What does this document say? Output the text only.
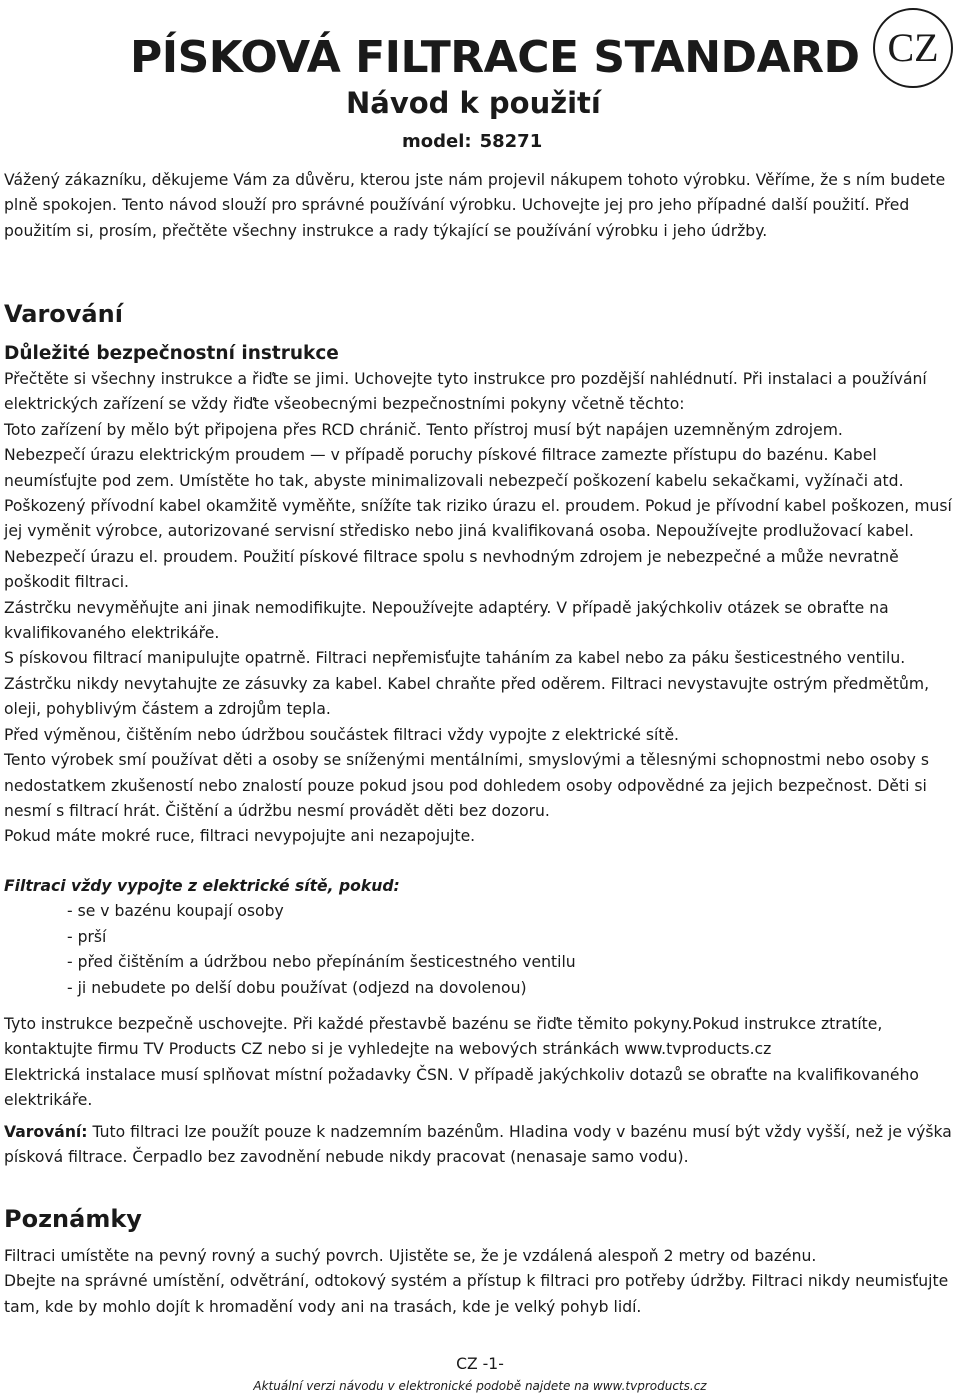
CZ
PÍSKOVÁ FILTRACE STANDARD
Návod k použití
model: 58271

Vážený zákazníku, děkujeme Vám za důvěru, kterou jste nám projevil nákupem tohoto výrobku. Věříme, že s ním budete plně spokojen. Tento návod slouží pro správné používání výrobku. Uchovejte jej pro jeho případné další použití. Před použitím si, prosím, přečtěte všechny instrukce a rady týkající se používání výrobku i jeho údržby.

Varování
Důležité bezpečnostní instrukce

Přečtěte si všechny instrukce a řiďte se jimi. Uchovejte tyto instrukce pro pozdější nahlédnutí. Při instalaci a používání elektrických zařízení se vždy řiďte všeobecnými bezpečnostními pokyny včetně těchto:

Toto zařízení by mělo být připojena přes RCD chránič. Tento přístroj musí být napájen uzemněným zdrojem.

Nebezpečí úrazu elektrickým proudem — v případě poruchy pískové filtrace zamezte přístupu do bazénu. Kabel neumísťujte pod zem. Umístěte ho tak, abyste minimalizovali nebezpečí poškození kabelu sekačkami, vyžínači atd. Poškozený přívodní kabel okamžitě vyměňte, snížíte tak riziko úrazu el. proudem. Pokud je přívodní kabel poškozen, musí jej vyměnit výrobce, autorizované servisní středisko nebo jiná kvalifikovaná osoba. Nepoužívejte prodlužovací kabel.

Nebezpečí úrazu el. proudem. Použití pískové filtrace spolu s nevhodným zdrojem je nebezpečné a může nevratně poškodit filtraci.

Zástrčku nevyměňujte ani jinak nemodifikujte. Nepoužívejte adaptéry. V případě jakýchkoliv otázek se obraťte na kvalifikovaného elektrikáře.

S pískovou filtrací manipulujte opatrně. Filtraci nepřemisťujte taháním za kabel nebo za páku šesticestného ventilu. Zástrčku nikdy nevytahujte ze zásuvky za kabel. Kabel chraňte před oděrem. Filtraci nevystavujte ostrým předmětům, oleji, pohyblivým částem a zdrojům tepla.

Před výměnou, čištěním nebo údržbou součástek filtraci vždy vypojte z elektrické sítě.

Tento výrobek smí používat děti a osoby se sníženými mentálními, smyslovými a tělesnými schopnostmi nebo osoby s nedostatkem zkušeností nebo znalostí pouze pokud jsou pod dohledem osoby odpovědné za jejich bezpečnost. Děti si nesmí s filtrací hrát. Čištění a údržbu nesmí provádět děti bez dozoru.

Pokud máte mokré ruce, filtraci nevypojujte ani nezapojujte.

Filtraci vždy vypojte z elektrické sítě, pokud:

- se v bazénu koupají osoby
- prší
- před čištěním a údržbou nebo přepínáním šesticestného ventilu
- ji nebudete po delší dobu používat (odjezd na dovolenou)

Tyto instrukce bezpečně uschovejte. Při každé přestavbě bazénu se řiďte těmito pokyny.Pokud instrukce ztratíte, kontaktujte firmu TV Products CZ nebo si je vyhledejte na webových stránkách www.tvproducts.cz

Elektrická instalace musí splňovat místní požadavky ČSN. V případě jakýchkoliv dotazů se obraťte na kvalifikovaného elektrikáře.

Varování: Tuto filtraci lze použít pouze k nadzemním bazénům. Hladina vody v bazénu musí být vždy vyšší, než je výška písková filtrace. Čerpadlo bez zavodnění nebude nikdy pracovat (nenasaje samo vodu).

Poznámky

Filtraci umístěte na pevný rovný a suchý povrch. Ujistěte se, že je vzdálená alespoň 2 metry od bazénu.

Dbejte na správné umístění, odvětrání, odtokový systém a přístup k filtraci pro potřeby údržby. Filtraci nikdy neumisťujte tam, kde by mohlo dojít k hromadění vody ani na trasách, kde je velký pohyb lidí.

CZ -1-
Aktuální verzi návodu v elektronické podobě najdete na www.tvproducts.cz
